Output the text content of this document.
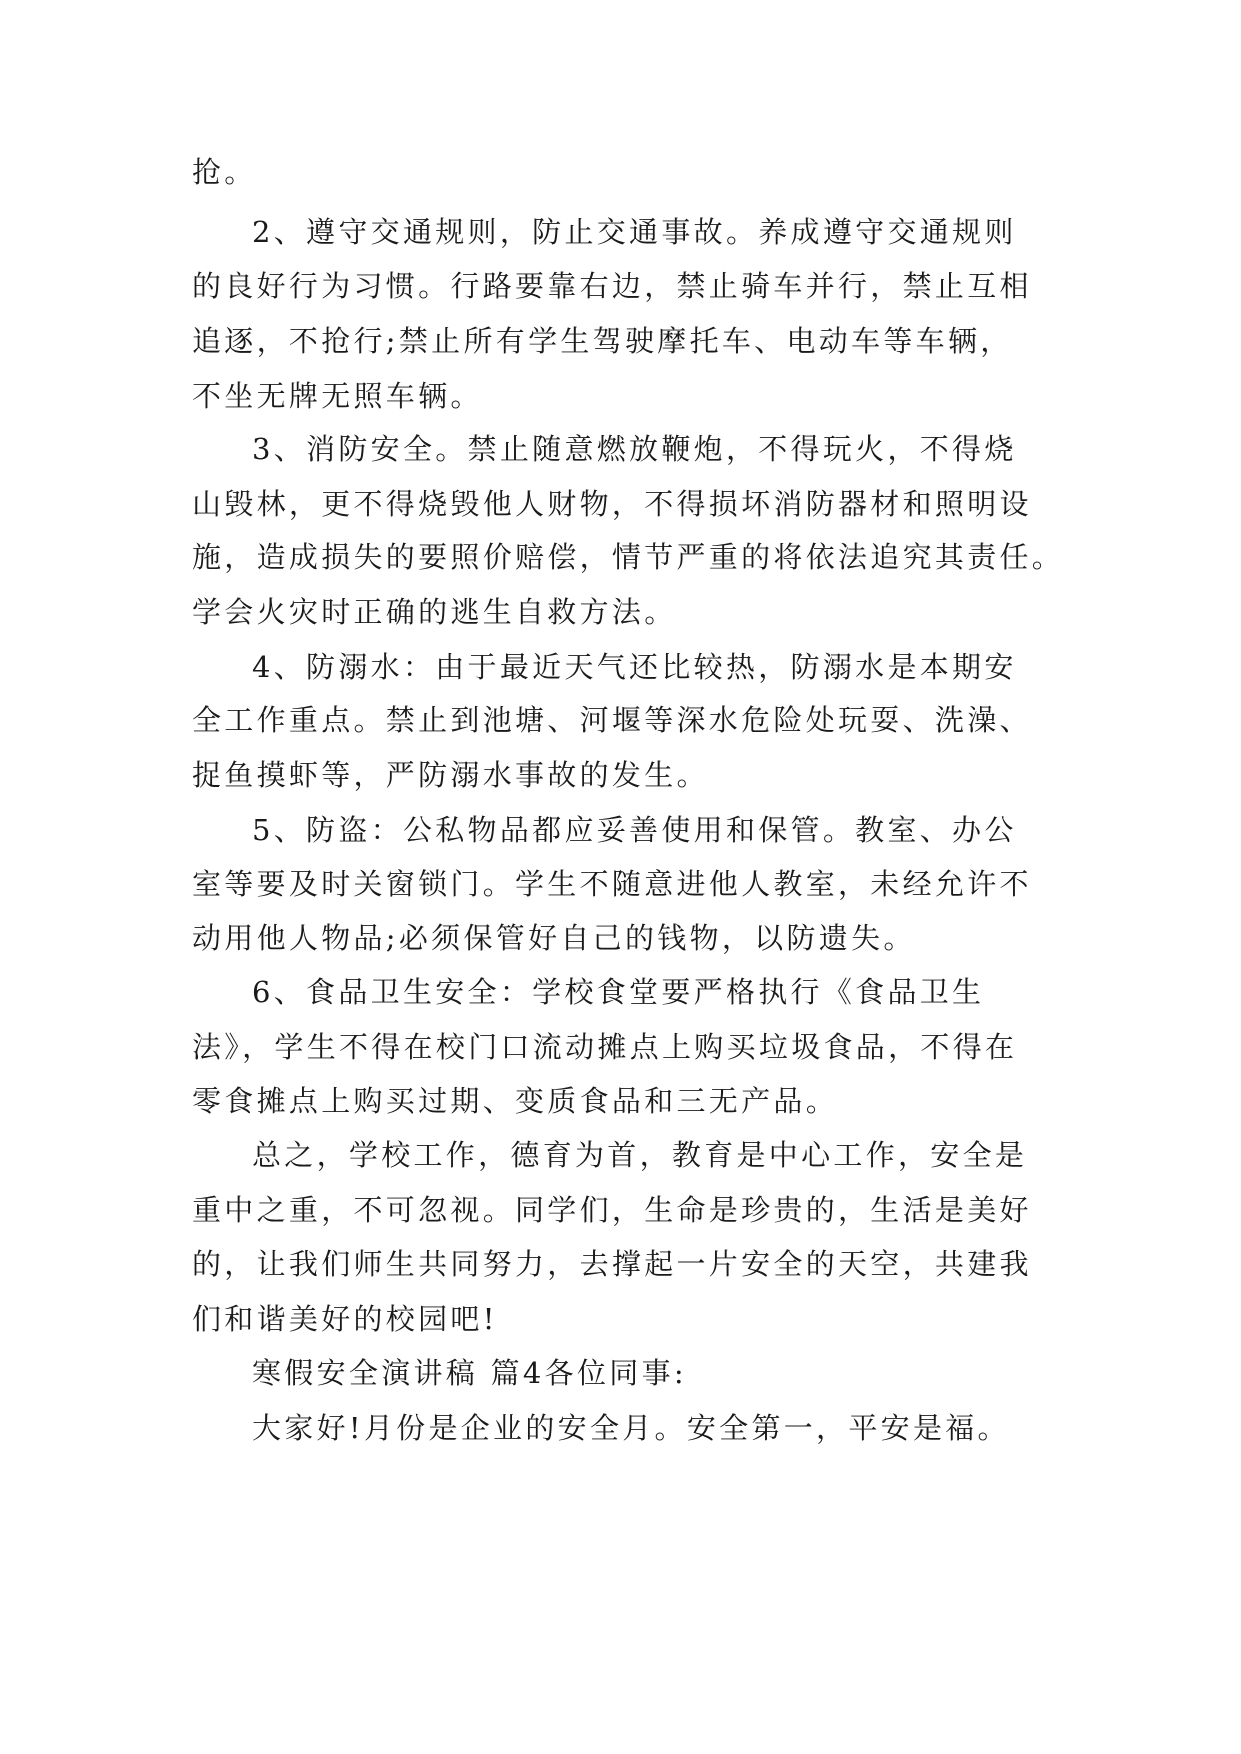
抢。
2、遵守交通规则，防止交通事故。养成遵守交通规则
的良好行为习惯。行路要靠右边，禁止骑车并行，禁止互相
追逐，不抢行;禁止所有学生驾驶摩托车、电动车等车辆，
不坐无牌无照车辆。
3、消防安全。禁止随意燃放鞭炮，不得玩火，不得烧
山毁林，更不得烧毁他人财物，不得损坏消防器材和照明设
施，造成损失的要照价赔偿，情节严重的将依法追究其责任。
学会火灾时正确的逃生自救方法。
4、防溺水：由于最近天气还比较热，防溺水是本期安
全工作重点。禁止到池塘、河堰等深水危险处玩耍、洗澡、
捉鱼摸虾等，严防溺水事故的发生。
5、防盗：公私物品都应妥善使用和保管。教室、办公
室等要及时关窗锁门。学生不随意进他人教室，未经允许不
动用他人物品;必须保管好自己的钱物，以防遗失。
6、食品卫生安全：学校食堂要严格执行《食品卫生
法》，学生不得在校门口流动摊点上购买垃圾食品，不得在
零食摊点上购买过期、变质食品和三无产品。
总之，学校工作，德育为首，教育是中心工作，安全是
重中之重，不可忽视。同学们，生命是珍贵的，生活是美好
的，让我们师生共同努力，去撑起一片安全的天空，共建我
们和谐美好的校园吧!
寒假安全演讲稿 篇4各位同事:
大家好!月份是企业的安全月。安全第一，平安是福。
